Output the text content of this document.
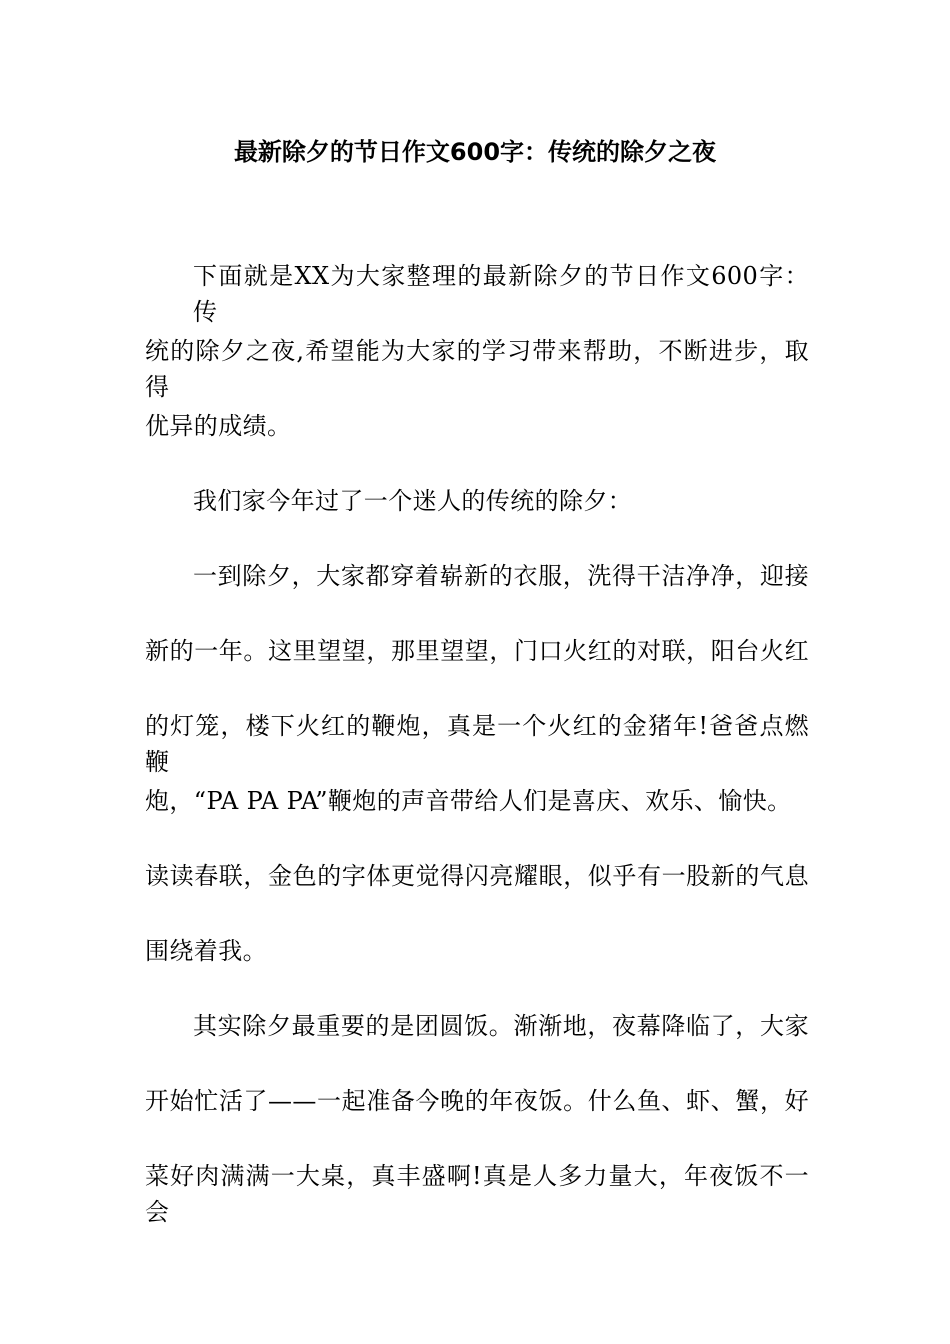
最新除夕的节日作文600字：传统的除夕之夜
下面就是XX为大家整理的最新除夕的节日作文600字：传
统的除夕之夜,希望能为大家的学习带来帮助，不断进步，取得
优异的成绩。
我们家今年过了一个迷人的传统的除夕：
一到除夕，大家都穿着崭新的衣服，洗得干洁净净，迎接
新的一年。这里望望，那里望望，门口火红的对联，阳台火红
的灯笼，楼下火红的鞭炮，真是一个火红的金猪年!爸爸点燃鞭
炮，“PA PA PA”鞭炮的声音带给人们是喜庆、欢乐、愉快。
读读春联，金色的字体更觉得闪亮耀眼，似乎有一股新的气息
围绕着我。
其实除夕最重要的是团圆饭。渐渐地，夜幕降临了，大家
开始忙活了——一起准备今晚的年夜饭。什么鱼、虾、蟹，好
菜好肉满满一大桌，真丰盛啊!真是人多力量大，年夜饭不一会
